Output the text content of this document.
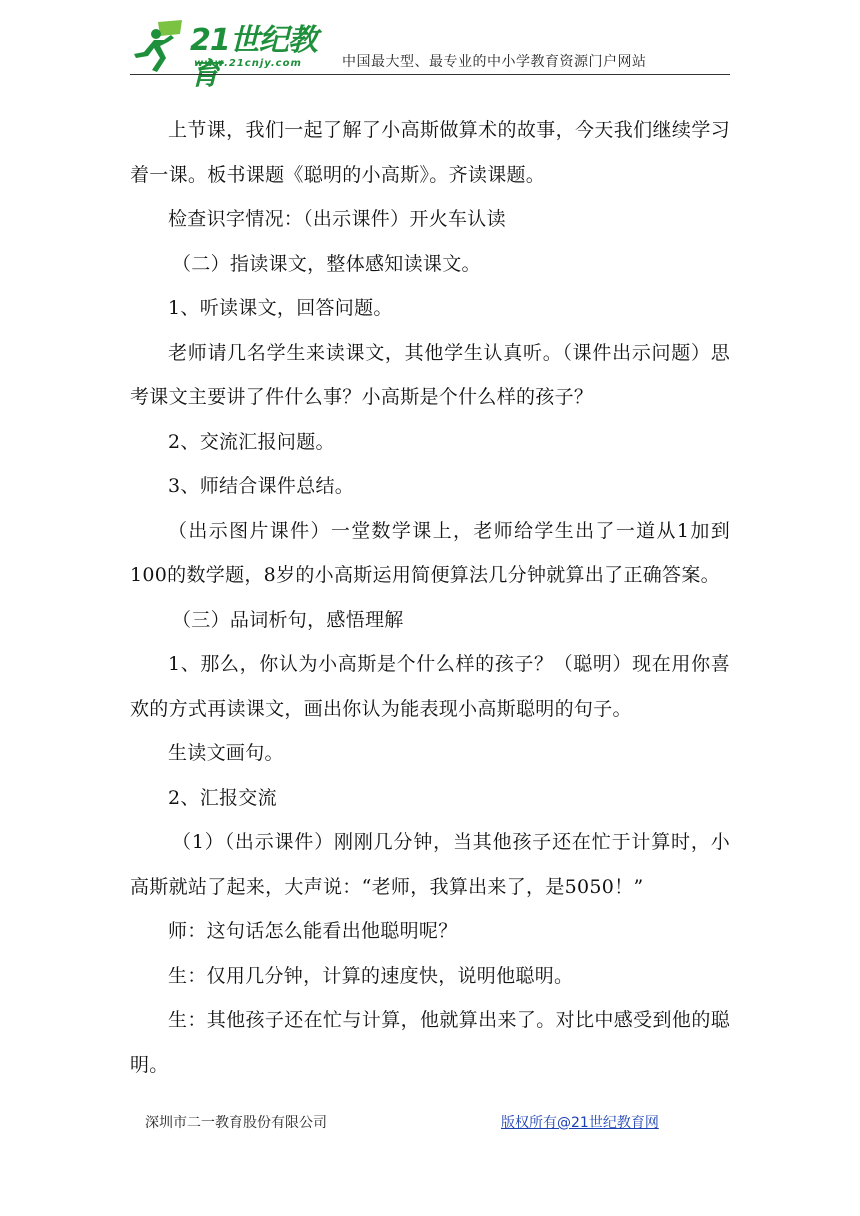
21世纪教育
www.21cnjy.com	中国最大型、最专业的中小学教育资源门户网站

上节课，我们一起了解了小高斯做算术的故事，今天我们继续学习着一课。板书课题《聪明的小高斯》。齐读课题。

检查识字情况：（出示课件）开火车认读

（二）指读课文，整体感知读课文。

1、听读课文，回答问题。

老师请几名学生来读课文，其他学生认真听。（课件出示问题）思考课文主要讲了件什么事？小高斯是个什么样的孩子？

2、交流汇报问题。

3、师结合课件总结。

（出示图片课件）一堂数学课上，老师给学生出了一道从1加到100的数学题，8岁的小高斯运用简便算法几分钟就算出了正确答案。

（三）品词析句，感悟理解

1、那么，你认为小高斯是个什么样的孩子？（聪明）现在用你喜欢的方式再读课文，画出你认为能表现小高斯聪明的句子。

生读文画句。

2、汇报交流

（1）（出示课件）刚刚几分钟，当其他孩子还在忙于计算时，小高斯就站了起来，大声说：“老师，我算出来了，是5050！”

师：这句话怎么能看出他聪明呢？

生：仅用几分钟，计算的速度快，说明他聪明。

生：其他孩子还在忙与计算，他就算出来了。对比中感受到他的聪明。

深圳市二一教育股份有限公司	版权所有@21世纪教育网
